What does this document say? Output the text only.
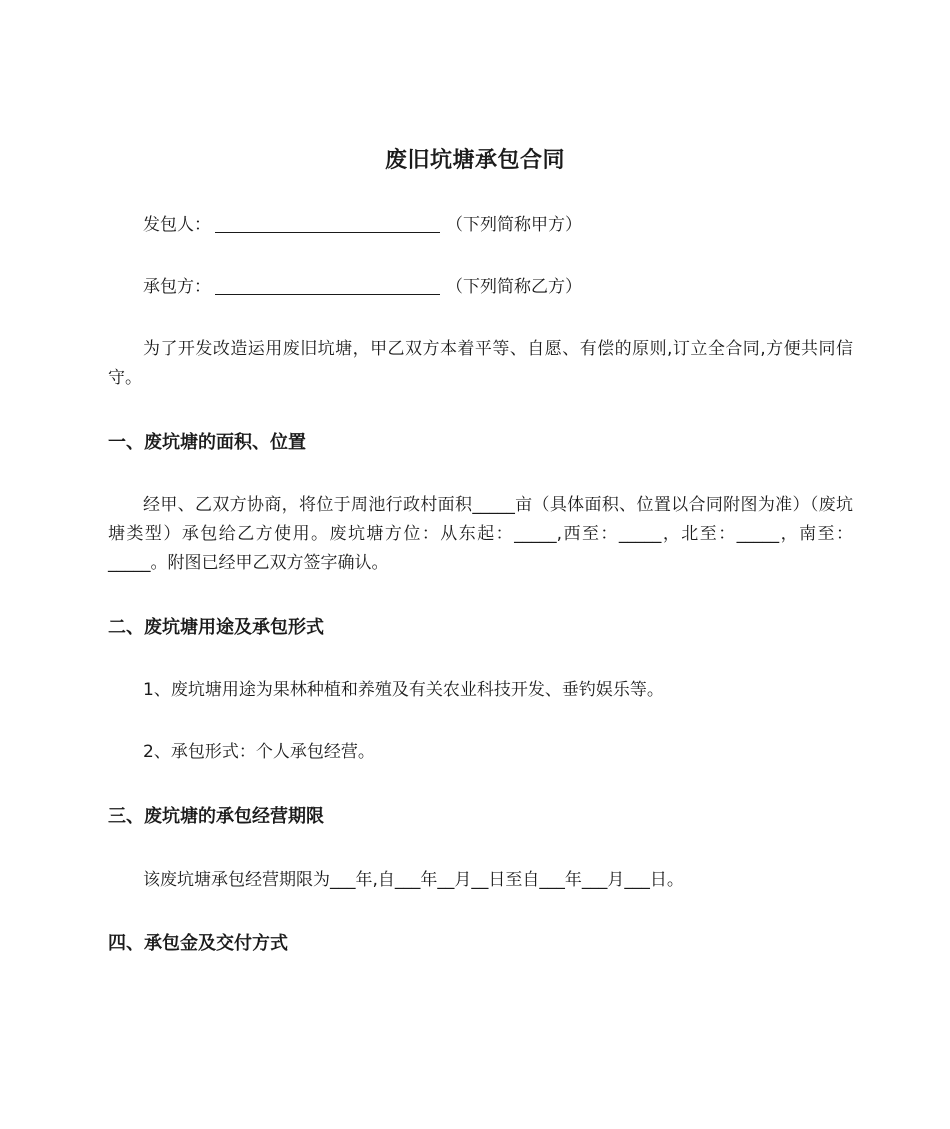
废旧坑塘承包合同
发包人：	（下列简称甲方）
承包方：	（下列简称乙方）
为了开发改造运用废旧坑塘，甲乙双方本着平等、自愿、有偿的原则,订立全合同,方便共同信守。
一、废坑塘的面积、位置
经甲、乙双方协商，将位于周池行政村面积_____亩（具体面积、位置以合同附图为准）（废坑塘类型）承包给乙方使用。废坑塘方位：从东起：_____,西至：_____，北至：_____，南至：_____。附图已经甲乙双方签字确认。
二、废坑塘用途及承包形式
1、废坑塘用途为果林种植和养殖及有关农业科技开发、垂钓娱乐等。
2、承包形式：个人承包经营。
三、废坑塘的承包经营期限
该废坑塘承包经营期限为___年,自___年__月__日至自___年___月___日。
四、承包金及交付方式
